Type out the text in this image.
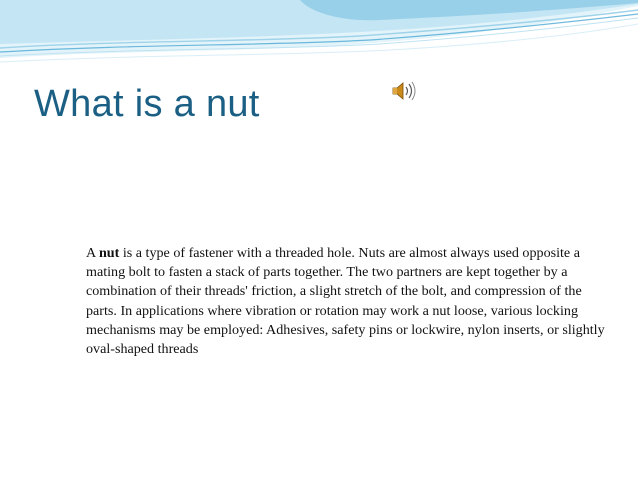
What is a nut

A nut is a type of fastener with a threaded hole. Nuts are almost always used opposite a mating bolt to fasten a stack of parts together. The two partners are kept together by a combination of their threads' friction, a slight stretch of the bolt, and compression of the parts. In applications where vibration or rotation may work a nut loose, various locking mechanisms may be employed: Adhesives, safety pins or lockwire, nylon inserts, or slightly oval-shaped threads
